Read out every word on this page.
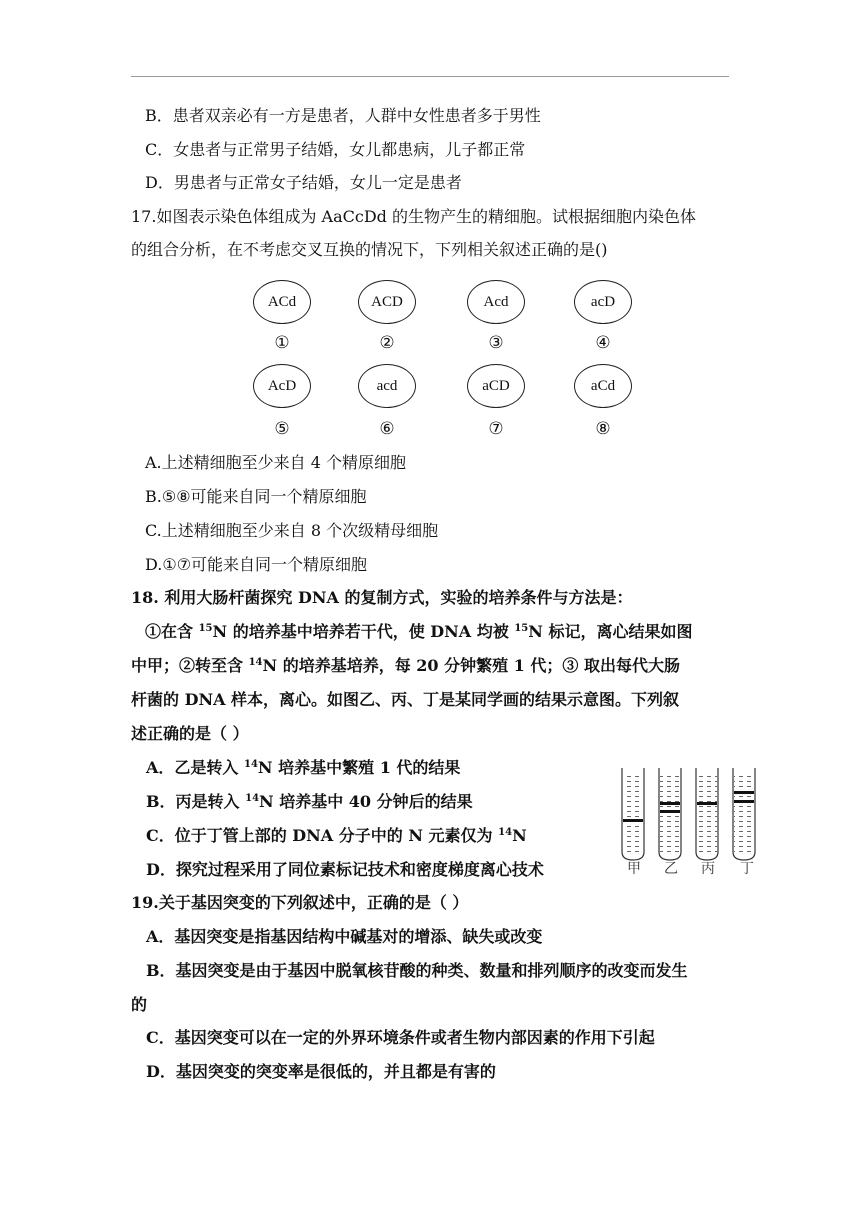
B．患者双亲必有一方是患者，人群中女性患者多于男性
C．女患者与正常男子结婚，女儿都患病，儿子都正常
D．男患者与正常女子结婚，女儿一定是患者
17.如图表示染色体组成为 AaCcDd 的生物产生的精细胞。试根据细胞内染色体
的组合分析，在不考虑交叉互换的情况下，下列相关叙述正确的是()
ACd	ACD	Acd	acD
①	②	③	④
AcD	acd	aCD	aCd
⑤	⑥	⑦	⑧
A.上述精细胞至少来自 4 个精原细胞
B.⑤⑧可能来自同一个精原细胞
C.上述精细胞至少来自 8 个次级精母细胞
D.①⑦可能来自同一个精原细胞
18. 利用大肠杆菌探究 DNA 的复制方式，实验的培养条件与方法是：
①在含 $^{15}$N 的培养基中培养若干代，使 DNA 均被 $^{15}$N 标记，离心结果如图
中甲；②转至含 $^{14}$N 的培养基培养，每 20 分钟繁殖 1 代；③ 取出每代大肠
杆菌的 DNA 样本，离心。如图乙、丙、丁是某同学画的结果示意图。下列叙
述正确的是（ ）
A．乙是转入 $^{14}$N 培养基中繁殖 1 代的结果
B．丙是转入 $^{14}$N 培养基中 40 分钟后的结果
C．位于丁管上部的 DNA 分子中的 N 元素仅为 $^{14}$N
D．探究过程采用了同位素标记技术和密度梯度离心技术	甲 乙 丙 丁
19.关于基因突变的下列叙述中，正确的是（ ）
A．基因突变是指基因结构中碱基对的增添、缺失或改变
B．基因突变是由于基因中脱氧核苷酸的种类、数量和排列顺序的改变而发生
的
C．基因突变可以在一定的外界环境条件或者生物内部因素的作用下引起
D．基因突变的突变率是很低的，并且都是有害的
